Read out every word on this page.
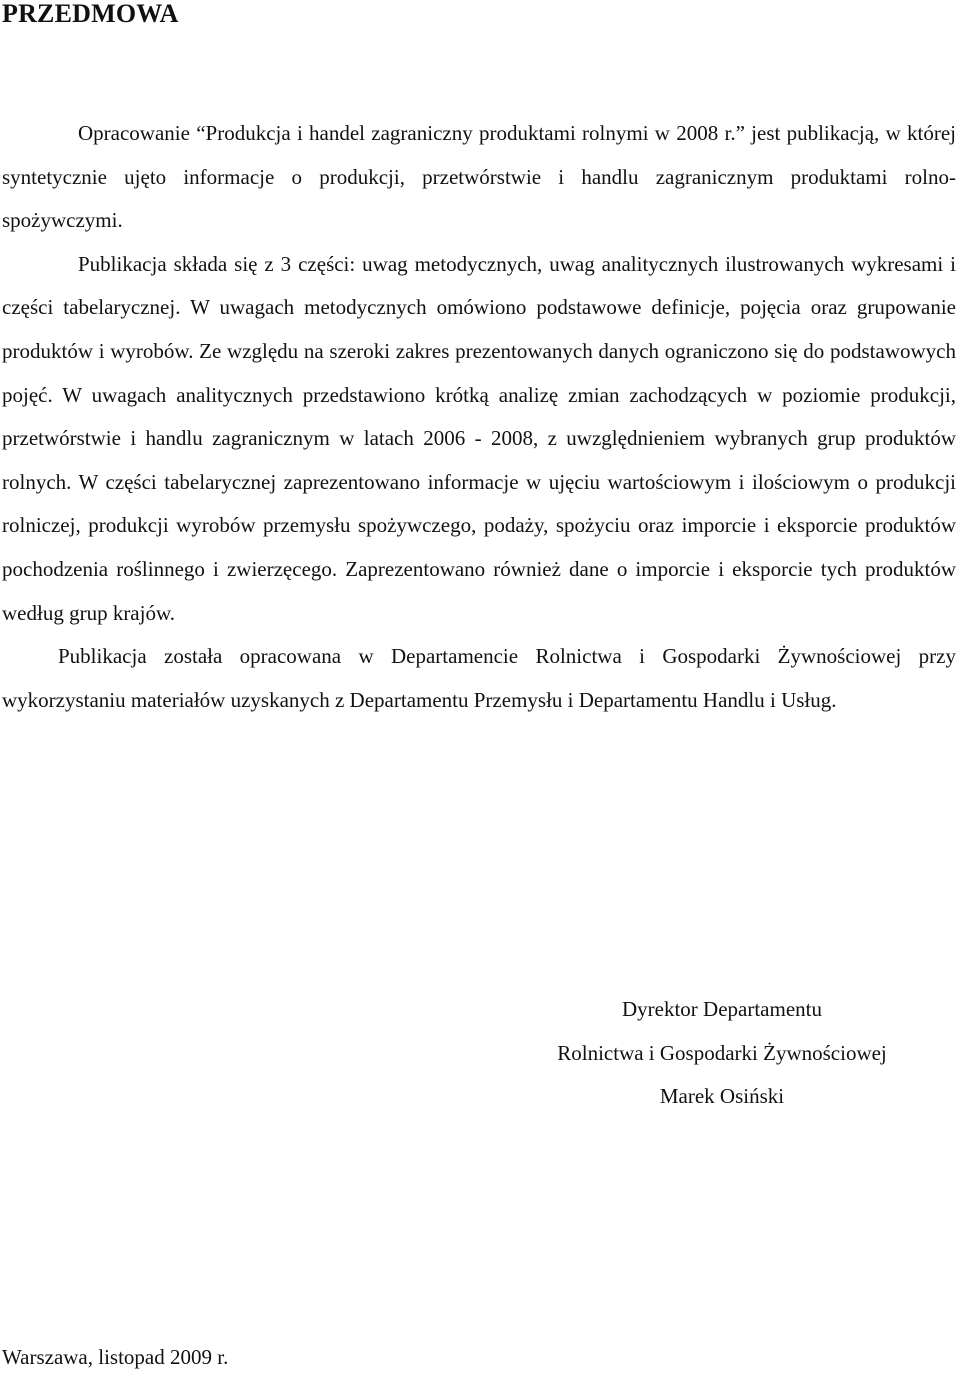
PRZEDMOWA

Opracowanie “Produkcja i handel zagraniczny produktami rolnymi w 2008 r.” jest publikacją, w której syntetycznie ujęto informacje o produkcji, przetwórstwie i handlu zagranicznym produktami rolno-spożywczymi.

Publikacja składa się z 3 części: uwag metodycznych, uwag analitycznych ilustrowanych wykresami i części tabelarycznej. W uwagach metodycznych omówiono podstawowe definicje, pojęcia oraz grupowanie produktów i wyrobów. Ze względu na szeroki zakres prezentowanych danych ograniczono się do podstawowych pojęć. W uwagach analitycznych przedstawiono krótką analizę zmian zachodzących w poziomie produkcji, przetwórstwie i handlu zagranicznym w latach 2006 - 2008, z uwzględnieniem wybranych grup produktów rolnych. W części tabelarycznej zaprezentowano informacje w ujęciu wartościowym i ilościowym o produkcji rolniczej, produkcji wyrobów przemysłu spożywczego, podaży, spożyciu oraz imporcie i eksporcie produktów pochodzenia roślinnego i zwierzęcego. Zaprezentowano również dane o imporcie i eksporcie tych produktów według grup krajów.

Publikacja została opracowana w Departamencie Rolnictwa i Gospodarki Żywnościowej przy wykorzystaniu materiałów uzyskanych z Departamentu Przemysłu i Departamentu Handlu i Usług.

Dyrektor Departamentu
Rolnictwa i Gospodarki Żywnościowej
Marek Osiński
Warszawa, listopad 2009 r.
